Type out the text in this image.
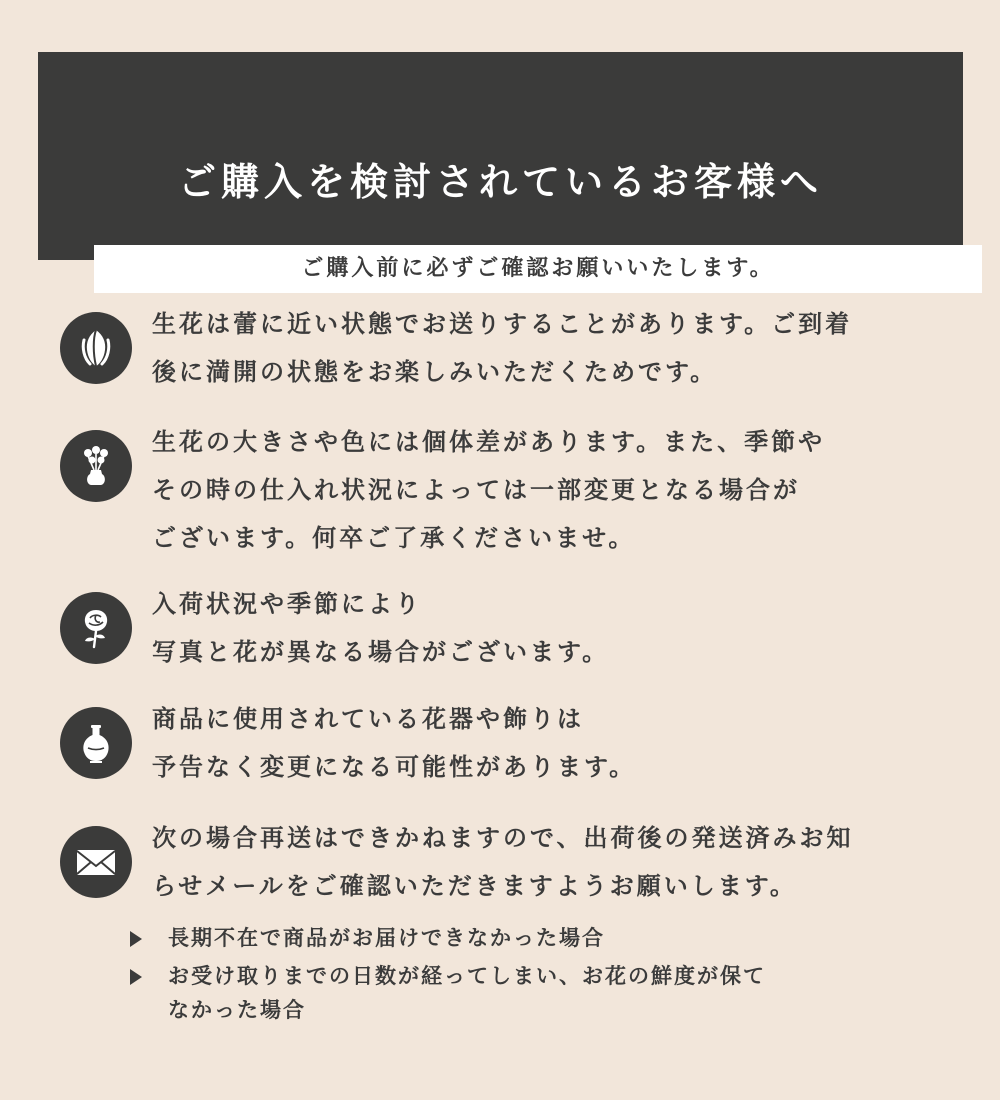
ご購入を検討されているお客様へ
ご購入前に必ずご確認お願いいたします。
生花は蕾に近い状態でお送りすることがあります。ご到着
後に満開の状態をお楽しみいただくためです。
生花の大きさや色には個体差があります。また、季節や
その時の仕入れ状況によっては一部変更となる場合が
ございます。何卒ご了承くださいませ。
入荷状況や季節により
写真と花が異なる場合がございます。
商品に使用されている花器や飾りは
予告なく変更になる可能性があります。
次の場合再送はできかねますので、出荷後の発送済みお知
らせメールをご確認いただきますようお願いします。
長期不在で商品がお届けできなかった場合
お受け取りまでの日数が経ってしまい、お花の鮮度が保て
なかった場合
